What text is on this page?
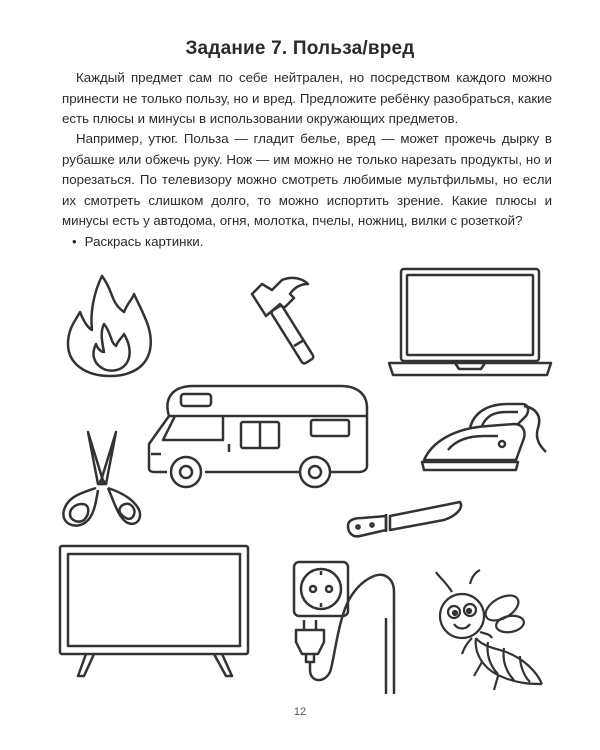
Задание 7. Польза/вред

Каждый предмет сам по себе нейтрален, но посредством каждого можно принести не только пользу, но и вред. Предложите ребёнку разобраться, какие есть плюсы и минусы в использовании окружающих предметов.

Например, утюг. Польза — гладит белье, вред — может прожечь дырку в рубашке или обжечь руку. Нож — им можно не только нарезать продукты, но и порезаться. По телевизору можно смотреть любимые мультфильмы, но если их смотреть слишком долго, то можно испортить зрение. Какие плюсы и минусы есть у автодома, огня, молотка, пчелы, ножниц, вилки с розеткой?

• Раскрась картинки.
12
